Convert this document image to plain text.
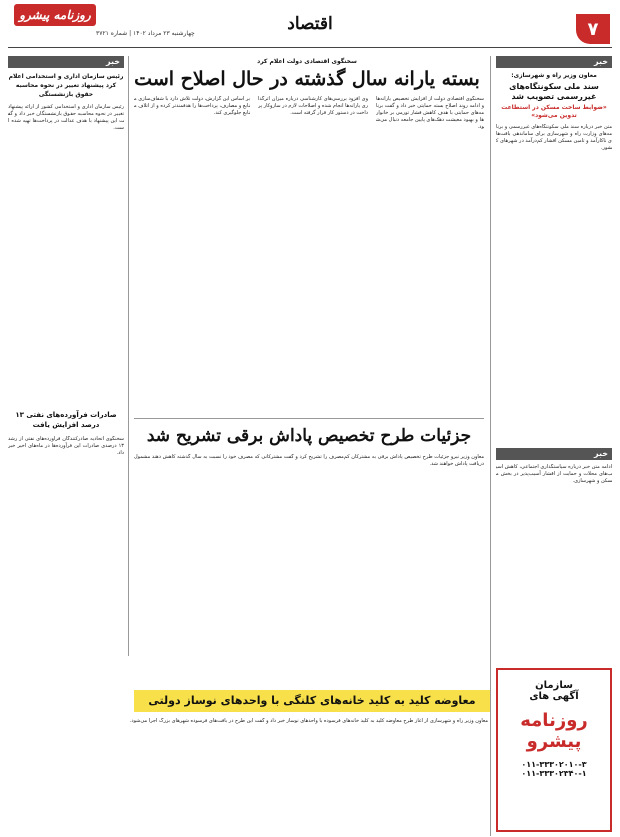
۷
اقتصاد
روزنامه پیشرو
چهارشنبه ۲۳ مرداد ۱۴۰۲ | شماره ۳۷۲۱
خبر
معاون وزیر راه و شهرسازی:
سند ملی سکونتگاه‌های غیررسمی تصویب شد
«ضوابط ساخت مسکن در استطاعت تدوین می‌شود»
متن خبر درباره سند ملی سکونتگاه‌های غیررسمی و برنامه‌های وزارت راه و شهرسازی برای ساماندهی بافت‌های ناکارآمد و تامین مسکن اقشار کم‌درآمد در شهرهای کشور.
خبر
ادامه متن خبر درباره سیاستگذاری اجتماعی، کاهش آسیب‌های محلات و حمایت از اقشار آسیب‌پذیر در بخش مسکن و شهرسازی.
سازمان
آگهی های
روزنامه
پیشرو
۰۱۱-۳۳۳۰۲۰۱۰-۳
۰۱۱-۳۳۳۰۲۳۴۰-۱
سخنگوی اقتصادی دولت اعلام کرد
بسته یارانه سال گذشته در حال اصلاح است
سخنگوی اقتصادی دولت از افزایش تخصیص یارانه‌ها و ادامه روند اصلاح بسته حمایتی خبر داد و گفت برنامه‌های حمایتی با هدف کاهش فشار تورمی بر خانوارها و بهبود معیشت دهک‌های پایین جامعه دنبال می‌شود.
وی افزود بررسی‌های کارشناسی درباره میزان اثرگذاری یارانه‌ها انجام شده و اصلاحات لازم در سازوکار پرداخت در دستور کار قرار گرفته است.
بر اساس این گزارش، دولت تلاش دارد با شفاف‌سازی منابع و مصارف، پرداخت‌ها را هدفمندتر کرده و از اتلاف منابع جلوگیری کند.
خبر
رئیس سازمان اداری و استخدامی اعلام کرد پیشنهاد تغییر در نحوه محاسبه حقوق بازنشستگی
رئیس سازمان اداری و استخدامی کشور از ارائه پیشنهاد تغییر در نحوه محاسبه حقوق بازنشستگان خبر داد و گفت این پیشنهاد با هدف عدالت در پرداخت‌ها تهیه شده است.
صادرات فرآورده‌های نفتی ۱۳ درصد افزایش یافت
سخنگوی اتحادیه صادرکنندگان فرآورده‌های نفتی از رشد ۱۳ درصدی صادرات این فرآورده‌ها در ماه‌های اخیر خبر داد.
جزئیات طرح تخصیص پاداش برقی تشریح شد
معاون وزیر نیرو جزئیات طرح تخصیص پاداش برقی به مشترکان کم‌مصرف را تشریح کرد و گفت مشترکانی که مصرف خود را نسبت به سال گذشته کاهش دهند مشمول دریافت پاداش خواهند شد.
معاوضه کلید به کلید خانه‌های کلنگی با واحدهای نوساز دولتی
معاون وزیر راه و شهرسازی از آغاز طرح معاوضه کلید به کلید خانه‌های فرسوده با واحدهای نوساز خبر داد و گفت این طرح در بافت‌های فرسوده شهرهای بزرگ اجرا می‌شود.
